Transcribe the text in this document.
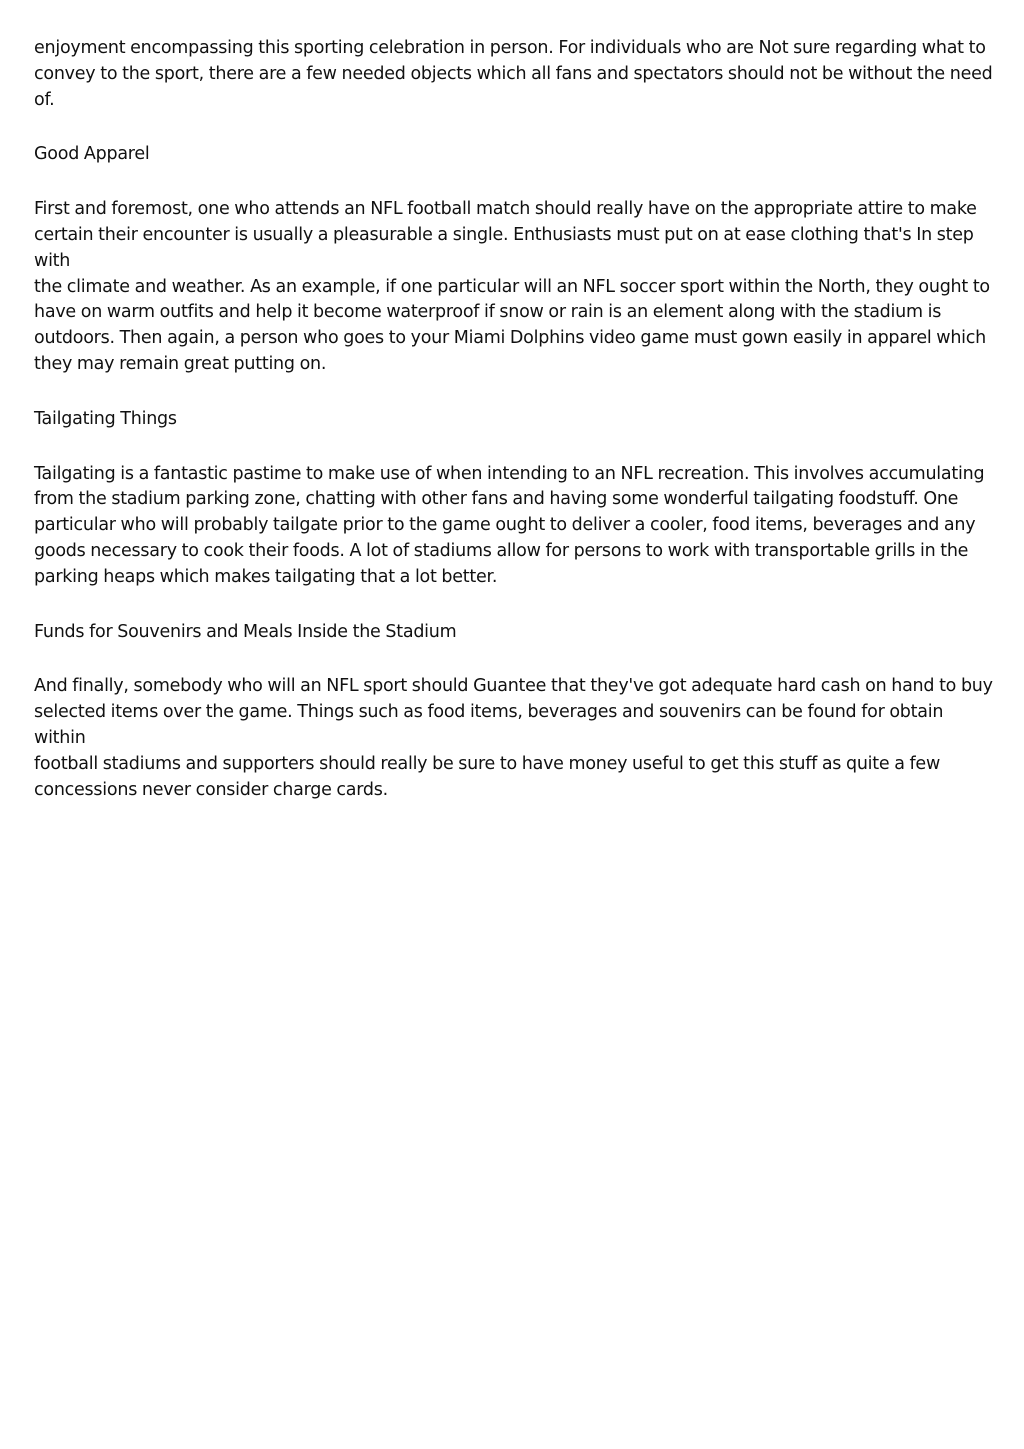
enjoyment encompassing this sporting celebration in person. For individuals who are Not sure regarding what to
convey to the sport, there are a few needed objects which all fans and spectators should not be without the need
of.

Good Apparel

First and foremost, one who attends an NFL football match should really have on the appropriate attire to make
certain their encounter is usually a pleasurable a single. Enthusiasts must put on at ease clothing that's In step with
the climate and weather. As an example, if one particular will an NFL soccer sport within the North, they ought to
have on warm outfits and help it become waterproof if snow or rain is an element along with the stadium is
outdoors. Then again, a person who goes to your Miami Dolphins video game must gown easily in apparel which
they may remain great putting on.

Tailgating Things

Tailgating is a fantastic pastime to make use of when intending to an NFL recreation. This involves accumulating
from the stadium parking zone, chatting with other fans and having some wonderful tailgating foodstuff. One
particular who will probably tailgate prior to the game ought to deliver a cooler, food items, beverages and any
goods necessary to cook their foods. A lot of stadiums allow for persons to work with transportable grills in the
parking heaps which makes tailgating that a lot better.

Funds for Souvenirs and Meals Inside the Stadium

And finally, somebody who will an NFL sport should Guantee that they've got adequate hard cash on hand to buy
selected items over the game. Things such as food items, beverages and souvenirs can be found for obtain within
football stadiums and supporters should really be sure to have money useful to get this stuff as quite a few
concessions never consider charge cards.
